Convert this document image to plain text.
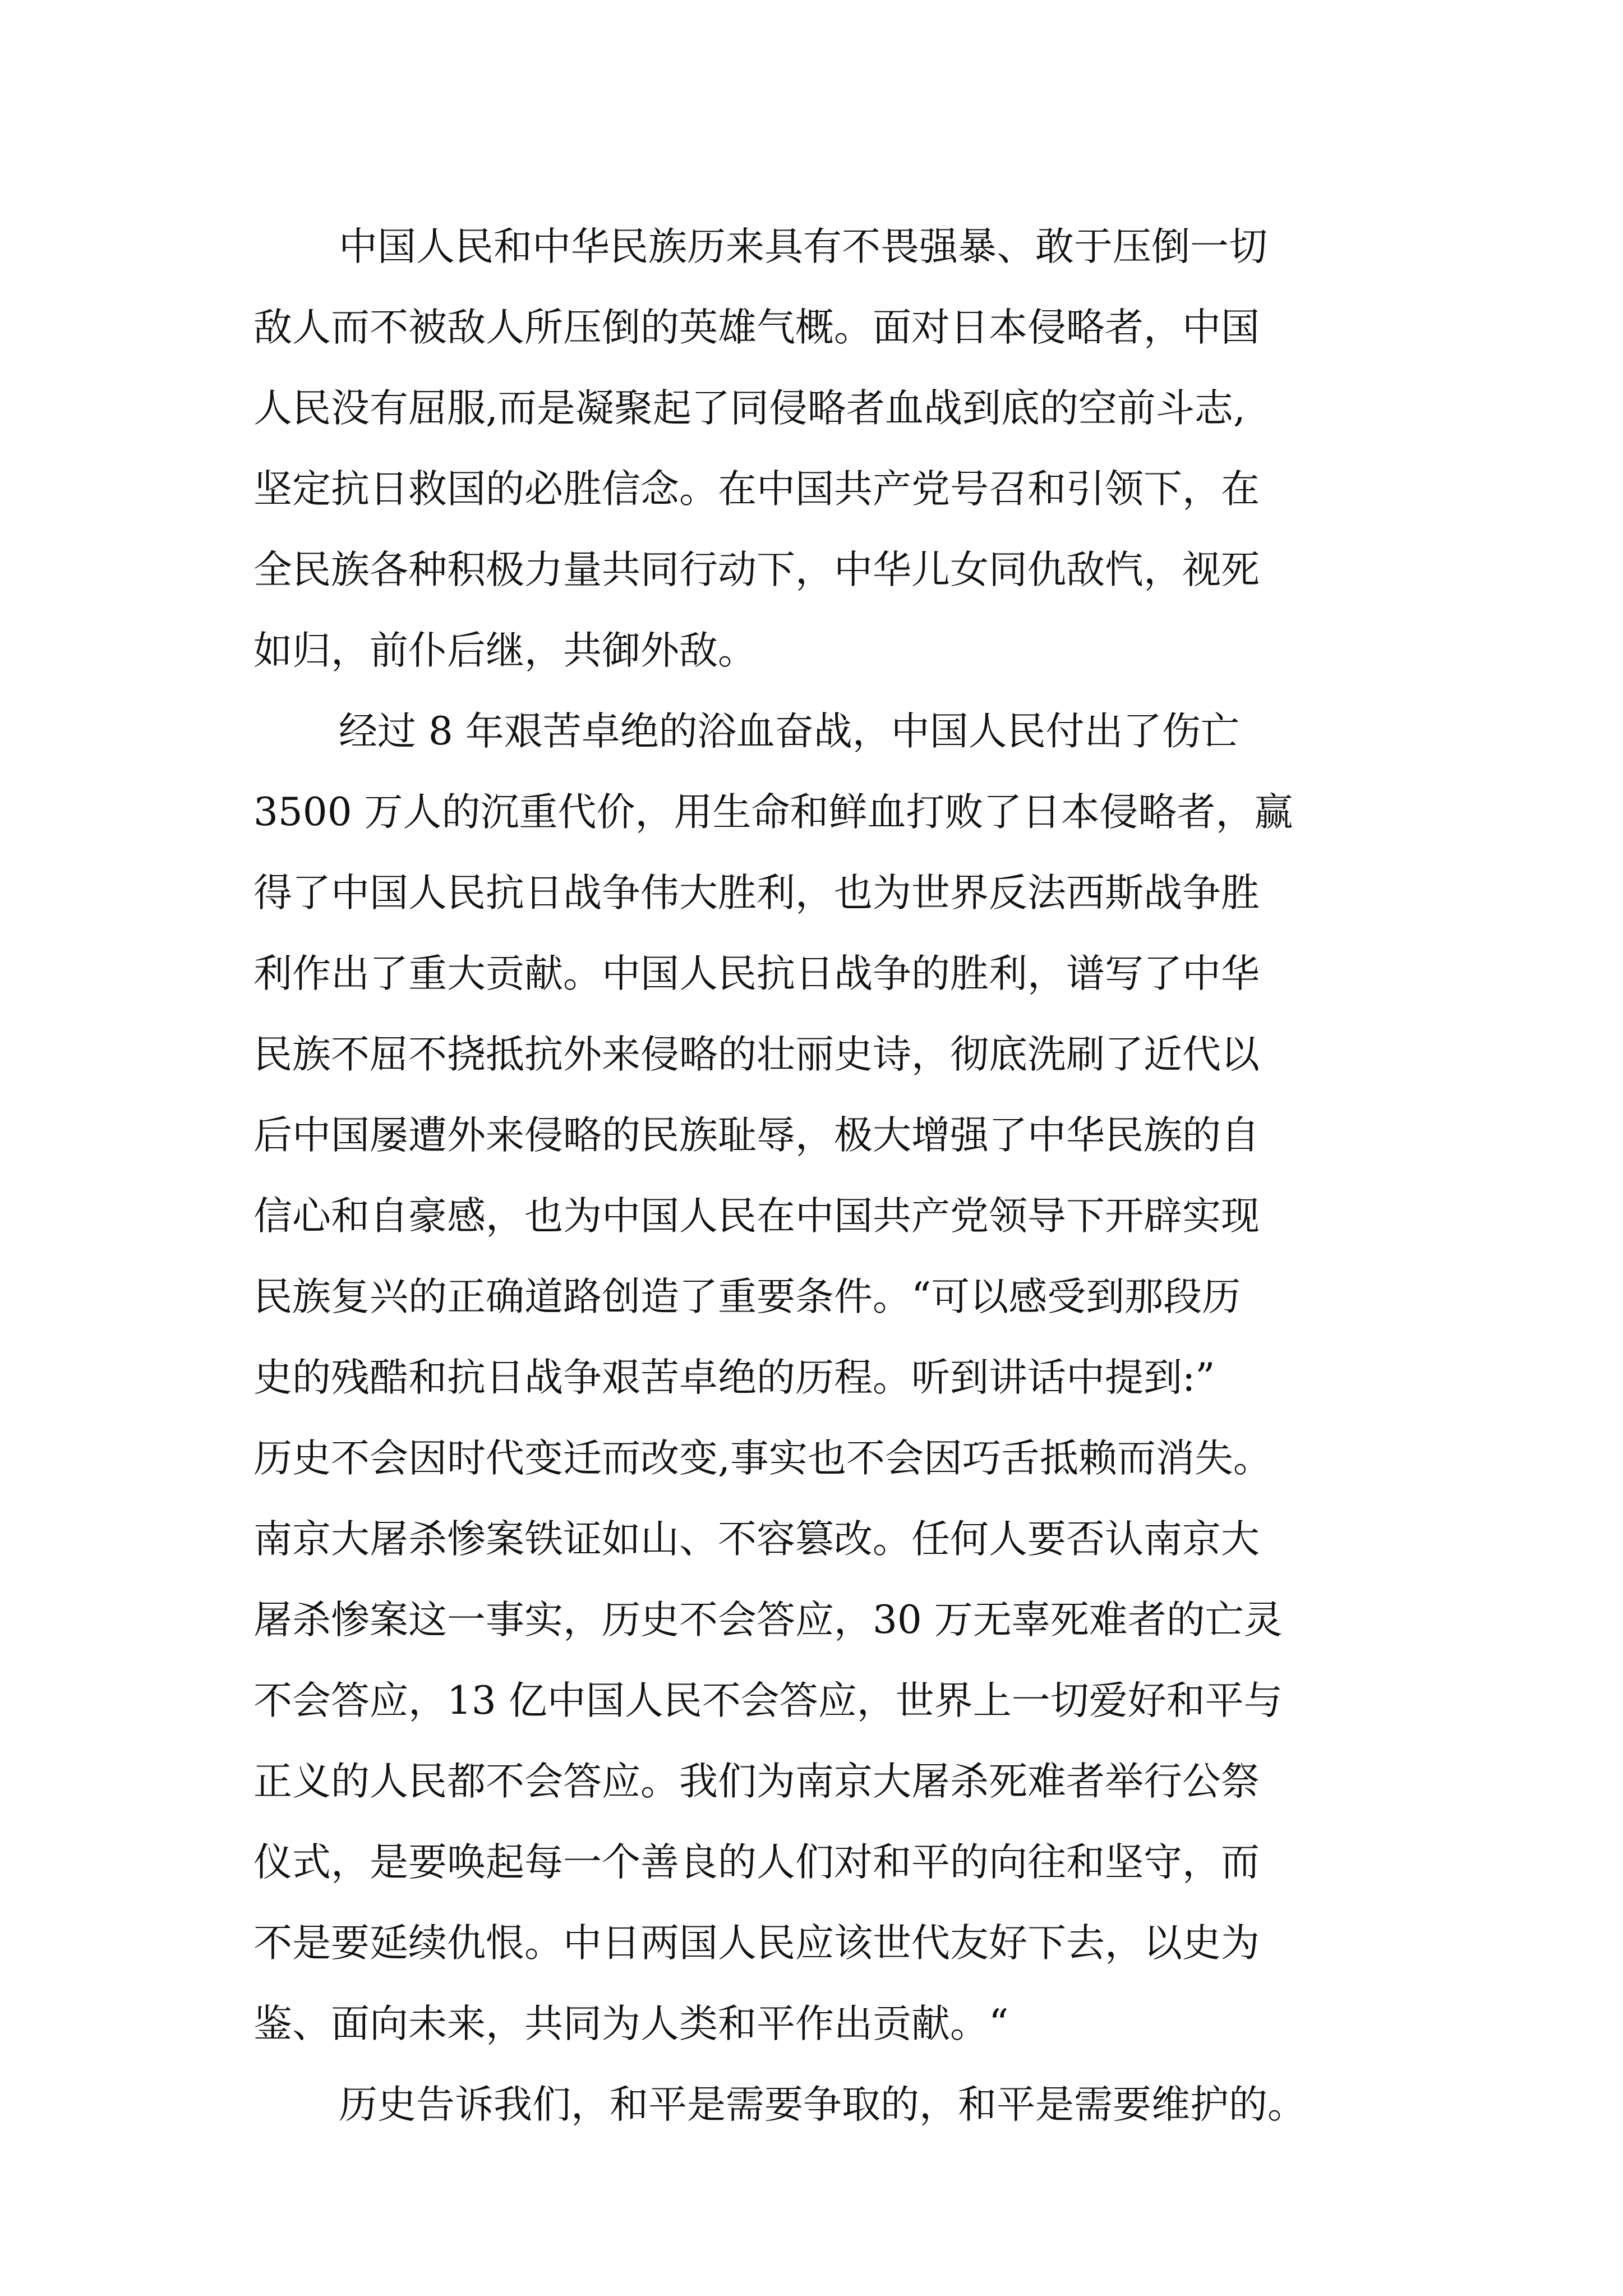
中国人民和中华民族历来具有不畏强暴、敢于压倒一切
敌人而不被敌人所压倒的英雄气概。面对日本侵略者，中国
人民没有屈服,而是凝聚起了同侵略者血战到底的空前斗志,
坚定抗日救国的必胜信念。在中国共产党号召和引领下，在
全民族各种积极力量共同行动下，中华儿女同仇敌忾，视死
如归，前仆后继，共御外敌。
经过 8 年艰苦卓绝的浴血奋战，中国人民付出了伤亡
3500 万人的沉重代价，用生命和鲜血打败了日本侵略者，赢
得了中国人民抗日战争伟大胜利，也为世界反法西斯战争胜
利作出了重大贡献。中国人民抗日战争的胜利，谱写了中华
民族不屈不挠抵抗外来侵略的壮丽史诗，彻底洗刷了近代以
后中国屡遭外来侵略的民族耻辱，极大增强了中华民族的自
信心和自豪感，也为中国人民在中国共产党领导下开辟实现
民族复兴的正确道路创造了重要条件。“可以感受到那段历
史的残酷和抗日战争艰苦卓绝的历程。听到讲话中提到:”
历史不会因时代变迁而改变,事实也不会因巧舌抵赖而消失。
南京大屠杀惨案铁证如山、不容篡改。任何人要否认南京大
屠杀惨案这一事实，历史不会答应，30 万无辜死难者的亡灵
不会答应，13 亿中国人民不会答应，世界上一切爱好和平与
正义的人民都不会答应。我们为南京大屠杀死难者举行公祭
仪式，是要唤起每一个善良的人们对和平的向往和坚守，而
不是要延续仇恨。中日两国人民应该世代友好下去，以史为
鉴、面向未来，共同为人类和平作出贡献。“
历史告诉我们，和平是需要争取的，和平是需要维护的。
